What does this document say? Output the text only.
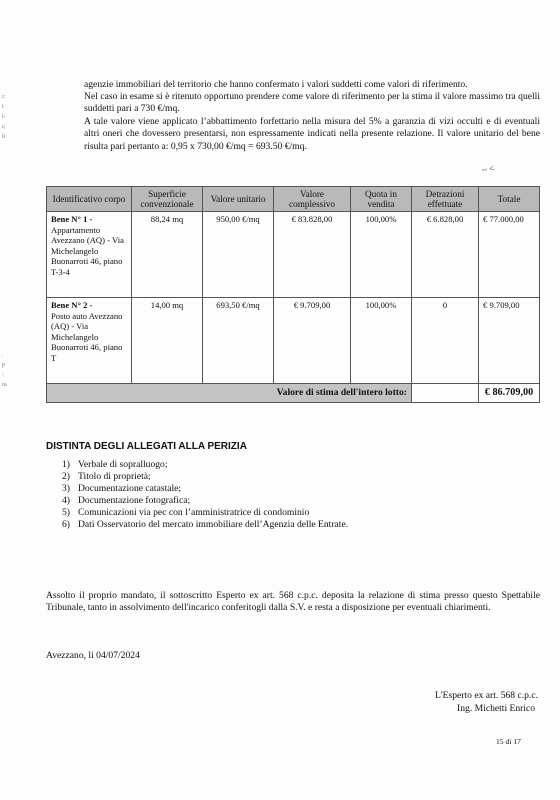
ı:
t
l-
ı;
lı
.
p
:
ra
agenzie immobiliari del territorio che hanno confermato i valori suddetti come valori di riferimento.
Nel caso in esame si è ritenuto opportuno prendere come valore di riferimento per la stima il valore massimo tra quelli suddetti pari a 730 €/mq.
A tale valore viene applicato l’abbattimento forfettario nella misura del 5% a garanzia di vizi occulti e di eventuali altri oneri che dovessero presentarsi, non espressamente indicati nella presente relazione. Il valore unitario del bene risulta pari pertanto a: 0,95 x 730,00 €/mq = 693.50 €/mq.
~ <
Identificativo corpo	Superficie convenzionale	Valore unitario	Valore complessivo	Quota in vendita	Detrazioni effettuate	Totale
Bene N° 1 -
Appartamento Avezzano (AQ) - Via Michelangelo Buonarroti 46, piano T-3-4	88,24 mq	950,00 €/mq	€ 83.828,00	100,00%	€ 6.828,00	€ 77.000,00
Bene N° 2 -
Posto auto Avezzano (AQ) - Via Michelangelo Buonarroti 46, piano T	14,00 mq	693,50 €/mq	€ 9.709,00	100,00%	0	€ 9.709,00
Valore di stima dell'intero lotto:						€ 86.709,00
DISTINTA DEGLI ALLEGATI ALLA PERIZIA
1) Verbale di sopralluogo;
2) Titolo di proprietà;
3) Documentazione catastale;
4) Documentazione fotografica;
5) Comunicazioni via pec con l’amministratrice di condominio
6) Dati Osservatorio del mercato immobiliare dell’Agenzia delle Entrate.
Assolto il proprio mandato, il sottoscritto Esperto ex art. 568 c.p.c. deposita la relazione di stima presso questo Spettabile Tribunale, tanto in assolvimento dell'incarico conferitogli dalla S.V. e resta a disposizione per eventuali chiarimenti.
Avezzano, li 04/07/2024
L'Esperto ex art. 568 c.p.c.
Ing. Michetti Enrico
15 di 17
